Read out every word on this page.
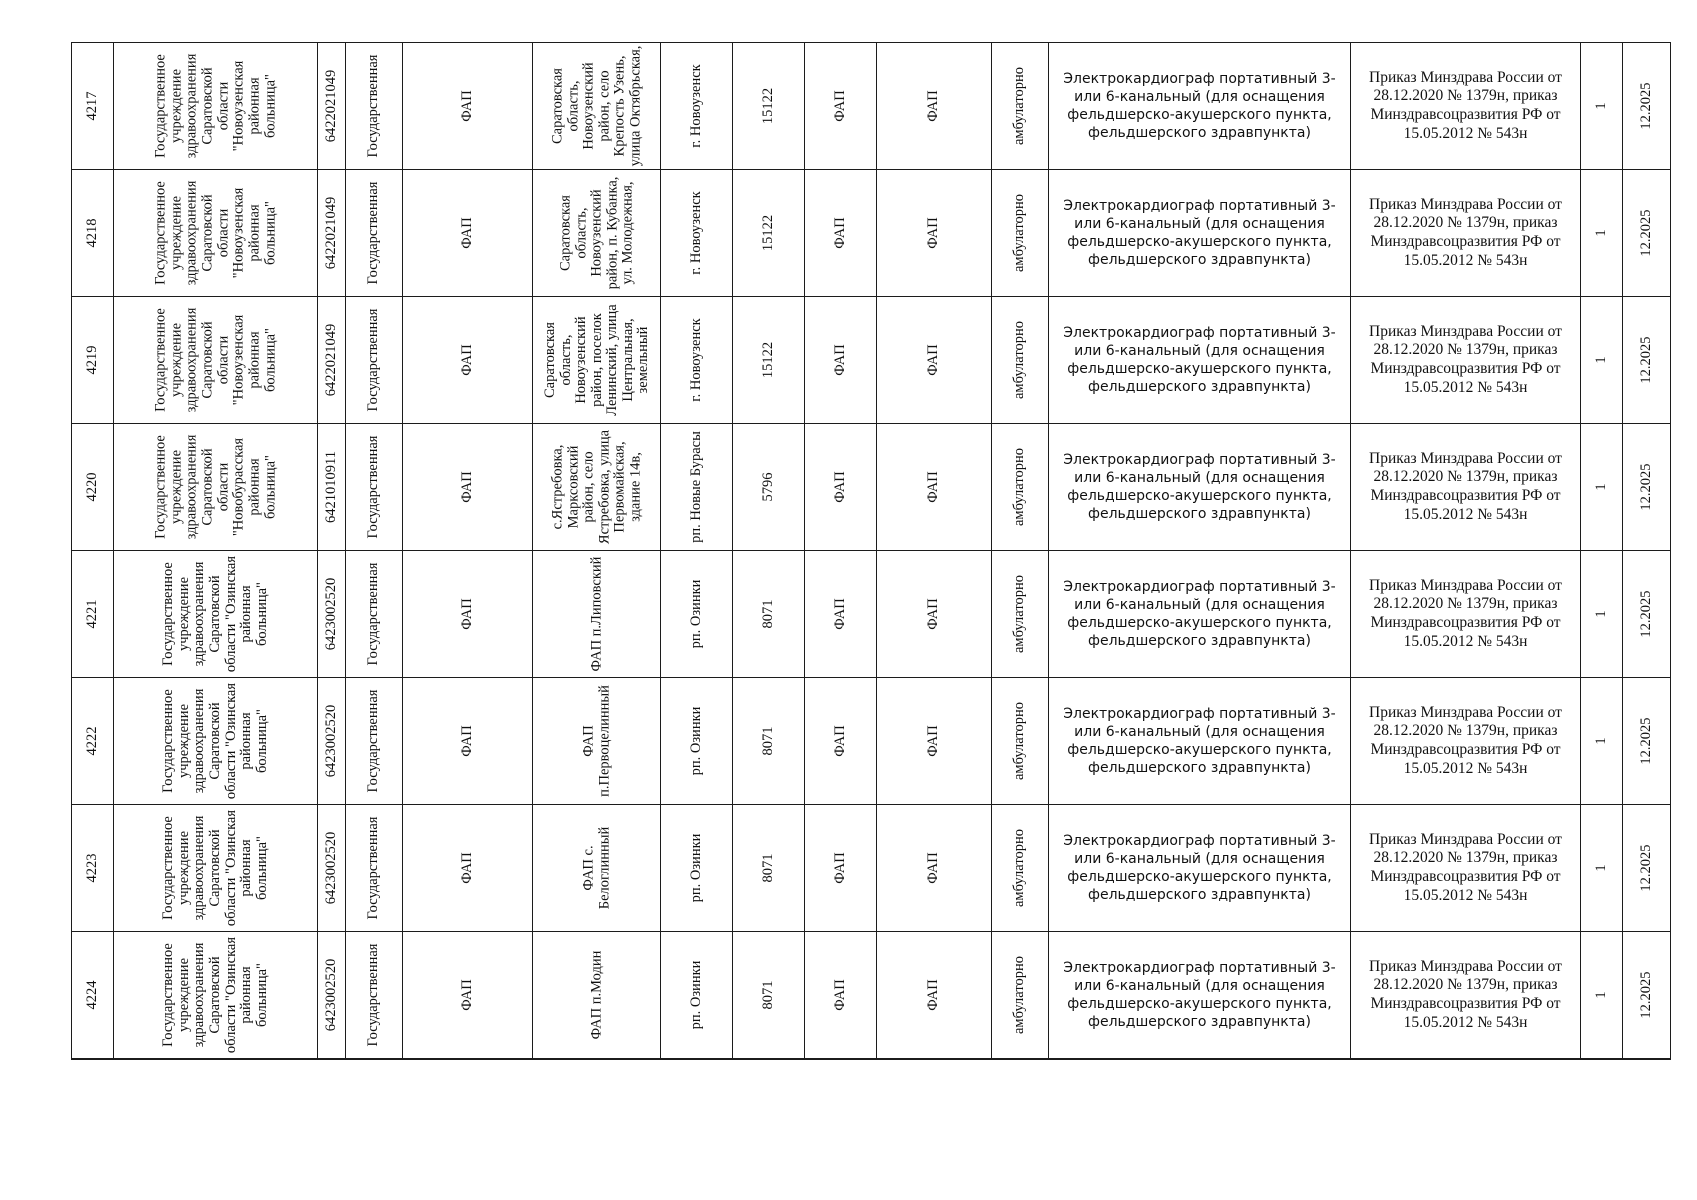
4217	Государственное учреждение здравоохранения Саратовской области "Новоузенская районная больница"	6422021049	Государственная	ФАП	Саратовская область, Новоузенский район, село Крепость Узень, улица Октябрьская,	г. Новоузенск	15122	ФАП	ФАП	амбулаторно	Электрокардиограф портативный 3- или 6-канальный (для оснащения фельдшерско-акушерского пункта, фельдшерского здравпункта)	Приказ Минздрава России от 28.12.2020 № 1379н, приказ Минздравсоцразвития РФ от 15.05.2012 № 543н	1	12.2025

4218	Государственное учреждение здравоохранения Саратовской области "Новоузенская районная больница"	6422021049	Государственная	ФАП	Саратовская область, Новоузенский район, п. Кубанка, ул. Молодежная,	г. Новоузенск	15122	ФАП	ФАП	амбулаторно	Электрокардиограф портативный 3- или 6-канальный (для оснащения фельдшерско-акушерского пункта, фельдшерского здравпункта)	Приказ Минздрава России от 28.12.2020 № 1379н, приказ Минздравсоцразвития РФ от 15.05.2012 № 543н	1	12.2025

4219	Государственное учреждение здравоохранения Саратовской области "Новоузенская районная больница"	6422021049	Государственная	ФАП	Саратовская область, Новоузенский район, поселок Ленинский, улица Центральная, земельный	г. Новоузенск	15122	ФАП	ФАП	амбулаторно	Электрокардиограф портативный 3- или 6-канальный (для оснащения фельдшерско-акушерского пункта, фельдшерского здравпункта)	Приказ Минздрава России от 28.12.2020 № 1379н, приказ Минздравсоцразвития РФ от 15.05.2012 № 543н	1	12.2025

4220	Государственное учреждение здравоохранения Саратовской области "Новобурасская районная больница"	6421010911	Государственная	ФАП	с.Ястребовка, Марксовский район, село Ястребовка, улица Первомайская, здание 14в,	рп. Новые Бурасы	5796	ФАП	ФАП	амбулаторно	Электрокардиограф портативный 3- или 6-канальный (для оснащения фельдшерско-акушерского пункта, фельдшерского здравпункта)	Приказ Минздрава России от 28.12.2020 № 1379н, приказ Минздравсоцразвития РФ от 15.05.2012 № 543н	1	12.2025

4221	Государственное учреждение здравоохранения Саратовской области "Озинская районная больница"	6423002520	Государственная	ФАП	ФАП п.Липовский	рп. Озинки	8071	ФАП	ФАП	амбулаторно	Электрокардиограф портативный 3- или 6-канальный (для оснащения фельдшерско-акушерского пункта, фельдшерского здравпункта)	Приказ Минздрава России от 28.12.2020 № 1379н, приказ Минздравсоцразвития РФ от 15.05.2012 № 543н	1	12.2025

4222	Государственное учреждение здравоохранения Саратовской области "Озинская районная больница"	6423002520	Государственная	ФАП	ФАП п.Первоцелинный	рп. Озинки	8071	ФАП	ФАП	амбулаторно	Электрокардиограф портативный 3- или 6-канальный (для оснащения фельдшерско-акушерского пункта, фельдшерского здравпункта)	Приказ Минздрава России от 28.12.2020 № 1379н, приказ Минздравсоцразвития РФ от 15.05.2012 № 543н	1	12.2025

4223	Государственное учреждение здравоохранения Саратовской области "Озинская районная больница"	6423002520	Государственная	ФАП	ФАП с. Белоглинный	рп. Озинки	8071	ФАП	ФАП	амбулаторно	Электрокардиограф портативный 3- или 6-канальный (для оснащения фельдшерско-акушерского пункта, фельдшерского здравпункта)	Приказ Минздрава России от 28.12.2020 № 1379н, приказ Минздравсоцразвития РФ от 15.05.2012 № 543н	1	12.2025

4224	Государственное учреждение здравоохранения Саратовской области "Озинская районная больница"	6423002520	Государственная	ФАП	ФАП п.Модин	рп. Озинки	8071	ФАП	ФАП	амбулаторно	Электрокардиограф портативный 3- или 6-канальный (для оснащения фельдшерско-акушерского пункта, фельдшерского здравпункта)	Приказ Минздрава России от 28.12.2020 № 1379н, приказ Минздравсоцразвития РФ от 15.05.2012 № 543н	1	12.2025
